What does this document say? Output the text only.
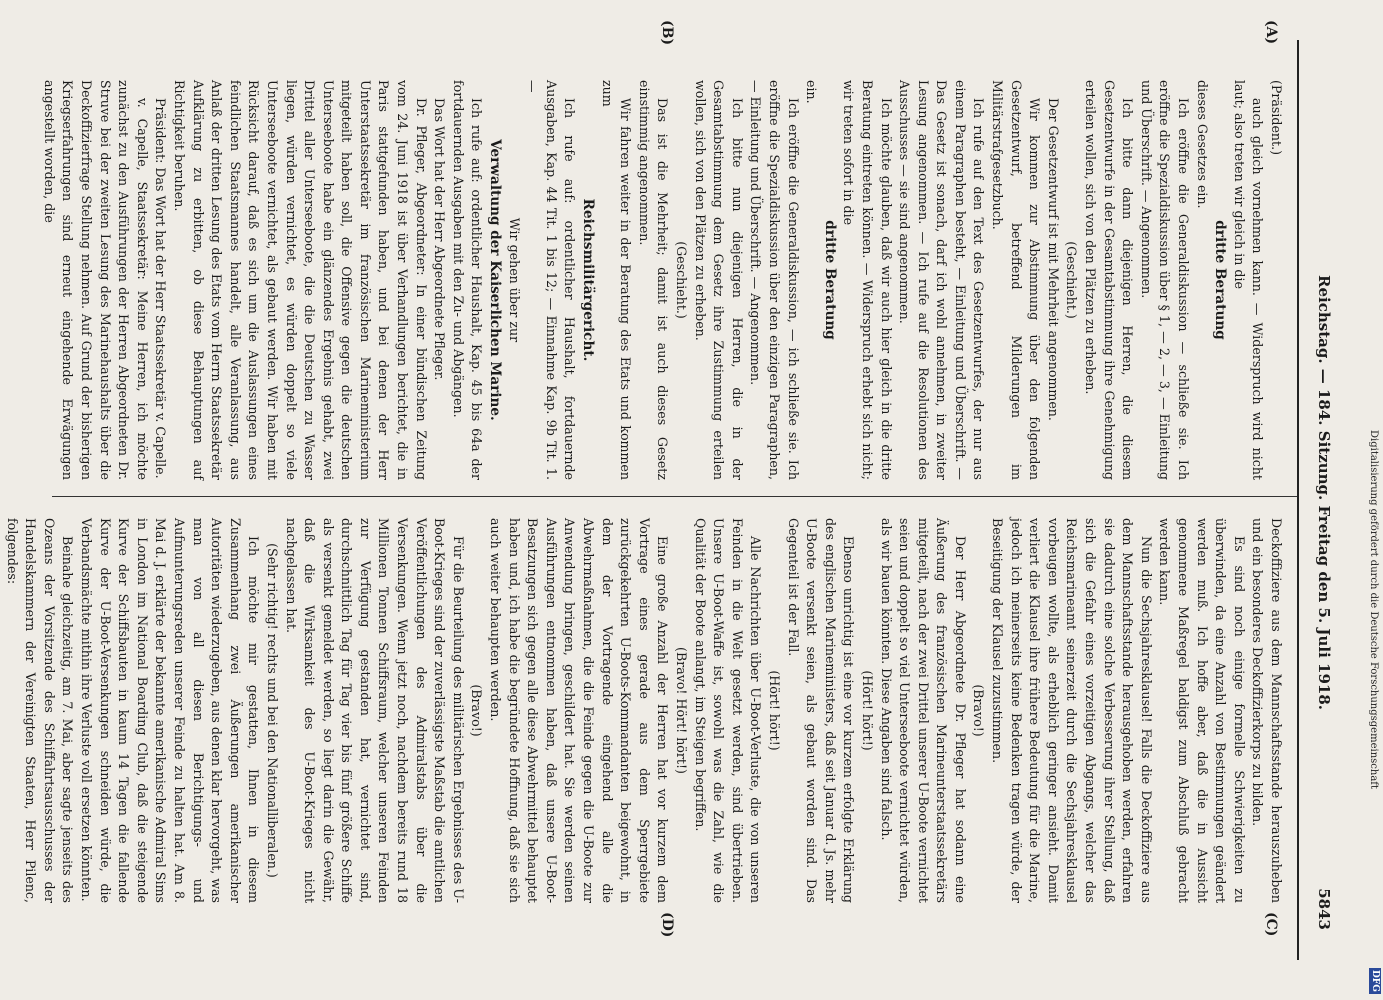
Reichstag. — 184. Sitzung. Freitag den 5. Juli 1918.
5843
(A)
(B)
(C)
(D)

(Präsident.)

auch gleich vornehmen kann. — Widerspruch wird nicht laut; also treten wir gleich in die

dritte Beratung

dieses Gesetzes ein.

Ich eröffne die Generaldiskussion — schließe sie. Ich eröffne die Spezialdiskussion über § 1, — 2, — 3, — Einleitung und Überschrift. — Angenommen.

Ich bitte dann diejenigen Herren, die diesem Gesetzentwurfe in der Gesamtabstimmung ihre Genehmigung erteilen wollen, sich von den Plätzen zu erheben.

(Geschieht.)

Der Gesetzentwurf ist mit Mehrheit angenommen.

Wir kommen zur Abstimmung über den folgenden Gesetzentwurf, betreffend Milderungen im Militärstrafgesetzbuch.

Ich rufe auf den Text des Gesetzentwurfes, der nur aus einem Paragraphen besteht, — Einleitung und Überschrift. — Das Gesetz ist sonach, darf ich wohl annehmen, in zweiter Lesung angenommen. — Ich rufe auf die Resolutionen des Ausschusses — sie sind angenommen.

Ich möchte glauben, daß wir auch hier gleich in die dritte Beratung eintreten können. — Widerspruch erhebt sich nicht; wir treten sofort in die

dritte Beratung

ein.

Ich eröffne die Generaldiskussion, — ich schließe sie. Ich eröffne die Spezialdiskussion über den einzigen Paragraphen, — Einleitung und Überschrift. — Angenommen.

Ich bitte nun diejenigen Herren, die in der Gesamtabstimmung dem Gesetz ihre Zustimmung erteilen wollen, sich von den Plätzen zu erheben.

(Geschieht.)

Das ist die Mehrheit; damit ist auch dieses Gesetz einstimmig angenommen.

Wir fahren weiter in der Beratung des Etats und kommen zum

Reichsmilitärgericht.

Ich rufe auf: ordentlicher Haushalt, fortdauernde Ausgaben, Kap. 44 Tit. 1 bis 12; — Einnahme Kap. 9b Tit. 1. —

Wir gehen über zur

Verwaltung der Kaiserlichen Marine.

Ich rufe auf: ordentlicher Haushalt, Kap. 45 bis 64a der fortdauernden Ausgaben mit den Zu- und Abgängen.

Das Wort hat der Herr Abgeordnete Pfleger.

Dr. Pfleger, Abgeordneter: In einer bündischen Zeitung vom 24. Juni 1918 ist über Verhandlungen berichtet, die in Paris stattgefunden haben, und bei denen der Herr Unterstaatssekretär im französischen Marineministerium mitgeteilt haben soll, die Offensive gegen die deutschen Unterseeboote habe ein glänzendes Ergebnis gehabt, zwei Drittel aller Unterseeboote, die die Deutschen zu Wasser liegen, würden vernichtet, es würden doppelt so viele Unterseeboote vernichtet, als gebaut werden. Wir haben mit Rücksicht darauf, daß es sich um die Auslassungen eines feindlichen Staatsmannes handelt, alle Veranlassung, aus Anlaß der dritten Lesung des Etats vom Herrn Staatssekretär Aufklärung zu erbitten, ob diese Behauptungen auf Richtigkeit beruhen.

Präsident: Das Wort hat der Herr Staatssekretär v. Capelle.

v. Capelle, Staatssekretär: Meine Herren, ich möchte zunächst zu den Ausführungen der Herren Abgeordneten Dr. Struve bei der zweiten Lesung des Marinehaushalts über die Deckoffizierfrage Stellung nehmen. Auf Grund der bisherigen Kriegserfahrungen sind erneut eingehende Erwägungen angestellt worden, die

Deckoffiziere aus dem Mannschaftsstande herauszuheben und ein besonderes Deckoffizierkorps zu bilden.

Es sind noch einige formelle Schwierigkeiten zu überwinden, da eine Anzahl von Bestimmungen geändert werden muß. Ich hoffe aber, daß die in Aussicht genommene Maßregel baldigst zum Abschluß gebracht werden kann.

Nun die Sechsjahresklausel! Falls die Deckoffiziere aus dem Mannschaftsstande herausgehoben werden, erfahren sie dadurch eine solche Verbesserung ihrer Stellung, daß sich die Gefahr eines vorzeitigen Abgangs, welcher das Reichsmarineamt seinerzeit durch die Sechsjahresklausel vorbeugen wollte, als erheblich geringer ansieht. Damit verliert die Klausel ihre frühere Bedeutung für die Marine, jedoch ich meinerseits keine Bedenken tragen würde, der Beseitigung der Klausel zuzustimmen.

(Bravo!)

Der Herr Abgeordnete Dr. Pfleger hat sodann eine Äußerung des französischen Marineunterstaatssekretärs mitgeteilt, nach der zwei Drittel unserer U-Boote vernichtet seien und doppelt so viel Unterseeboote vernichtet würden, als wir bauen könnten. Diese Angaben sind falsch.

(Hört! hört!)

Ebenso unrichtig ist eine vor kurzem erfolgte Erklärung des englischen Marineministers, daß seit Januar d. Js. mehr U-Boote versenkt seien, als gebaut worden sind. Das Gegenteil ist der Fall.

(Hört! hört!)

Alle Nachrichten über U-Boot-Verluste, die von unseren Feinden in die Welt gesetzt werden, sind übertrieben. Unsere U-Boot-Waffe ist, sowohl was die Zahl, wie die Qualität der Boote anlangt, im Steigen begriffen.

(Bravo! Hört! hört!)

Eine große Anzahl der Herren hat vor kurzem dem Vortrage eines gerade aus dem Sperrgebiete zurückgekehrten U-Boots-Kommandanten beigewohnt, in dem der Vortragende eingehend alle die Abwehrmaßnahmen, die die Feinde gegen die U-Boote zur Anwendung bringen, geschildert hat. Sie werden seinen Ausführungen entnommen haben, daß unsere U-Boot-Besatzungen sich gegen alle diese Abwehrmittel behauptet haben und, ich habe die begründete Hoffnung, daß sie sich auch weiter behaupten werden.

(Bravo!)

Für die Beurteilung des militärischen Ergebnisses des U-Boot-Krieges sind der zuverlässigste Maßstab die amtlichen Veröffentlichungen des Admiralstabs über die Versenkungen. Wenn jetzt noch, nachdem bereits rund 18 Millionen Tonnen Schiffsraum, welcher unseren Feinden zur Verfügung gestanden hat, vernichtet sind, durchschnittlich Tag für Tag vier bis fünf größere Schiffe als versenkt gemeldet werden, so liegt darin die Gewähr, daß die Wirksamkeit des U-Boot-Krieges nicht nachgelassen hat.

(Sehr richtig! rechts und bei den Nationalliberalen.)

Ich möchte mir gestatten, Ihnen in diesem Zusammenhang zwei Äußerungen amerikanischer Autoritäten wiederzugeben, aus denen klar hervorgeht, was man von all diesen Berichtigungs- und Aufmunterungsreden unserer Feinde zu halten hat. Am 8. Mai d. J. erklärte der bekannte amerikanische Admiral Sims in London im National Boarding Club, daß die steigende Kurve der Schiffsbauten in kaum 14 Tagen die fallende Kurve der U-Boot-Versenkungen schneiden würde, die Verbandsmächte mithin ihre Verluste voll ersetzen könnten.

Beinahe gleichzeitig, am 7. Mai, aber sagte jenseits des Ozeans der Vorsitzende des Schiffahrtsausschusses der Handelskammern der Vereinigten Staaten, Herr Pilenc, folgendes:	Digitalisierung gefördert durch die Deutsche Forschungsgemeinschaft
DFG
